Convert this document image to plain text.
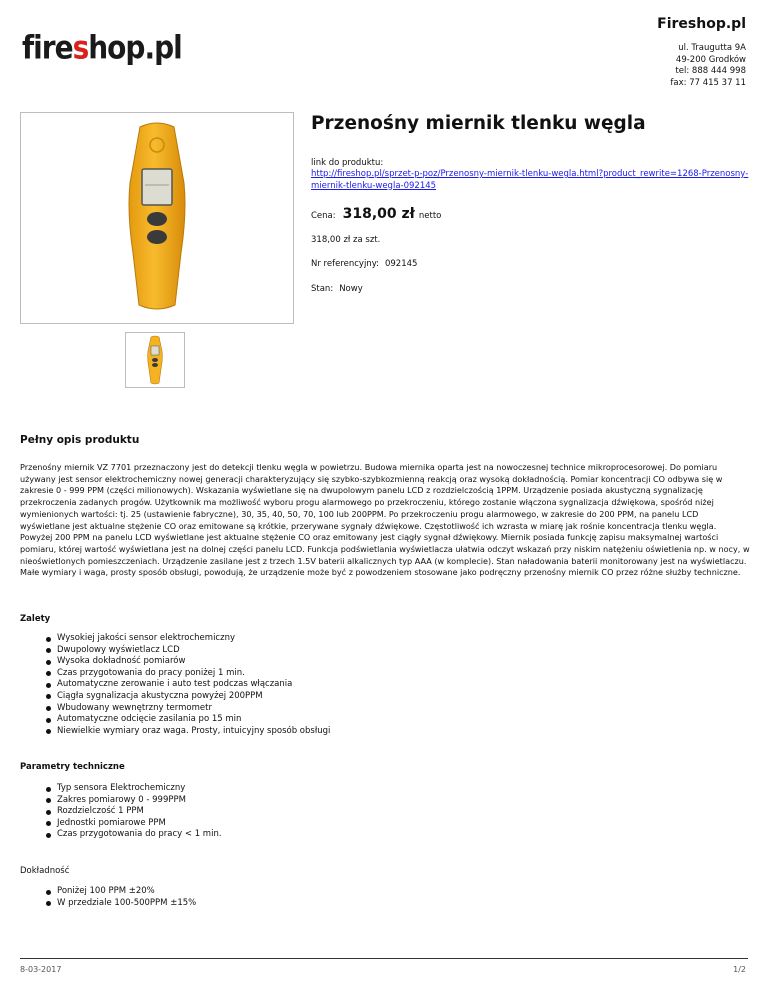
fireshop.pl
Fireshop.pl
ul. Traugutta 9A
49-200 Grodków
tel: 888 444 998
fax: 77 415 37 11
Przenośny miernik tlenku węgla
link do produktu:
http://fireshop.pl/sprzet-p-poz/Przenosny-miernik-tlenku-wegla.html?product_rewrite=1268-Przenosny-miernik-tlenku-wegla-092145
Cena: 318,00 zł netto
318,00 zł za szt.
Nr referencyjny: 092145
Stan: Nowy
Pełny opis produktu

Przenośny miernik VZ 7701 przeznaczony jest do detekcji tlenku węgla w powietrzu. Budowa miernika oparta jest na nowoczesnej technice mikroprocesorowej. Do pomiaru używany jest sensor elektrochemiczny nowej generacji charakteryzujący się szybko-szybkozmienną reakcją oraz wysoką dokładnością. Pomiar koncentracji CO odbywa się w zakresie 0 - 999 PPM (części milionowych). Wskazania wyświetlane się na dwupolowym panelu LCD z rozdzielczością 1PPM. Urządzenie posiada akustyczną sygnalizację przekroczenia zadanych progów. Użytkownik ma możliwość wyboru progu alarmowego po przekroczeniu, którego zostanie włączona sygnalizacja dźwiękowa, spośród niżej wymienionych wartości: tj. 25 (ustawienie fabryczne), 30, 35, 40, 50, 70, 100 lub 200PPM. Po przekroczeniu progu alarmowego, w zakresie do 200 PPM, na panelu LCD wyświetlane jest aktualne stężenie CO oraz emitowane są krótkie, przerywane sygnały dźwiękowe. Częstotliwość ich wzrasta w miarę jak rośnie koncentracja tlenku węgla. Powyżej 200 PPM na panelu LCD wyświetlane jest aktualne stężenie CO oraz emitowany jest ciągły sygnał dźwiękowy. Miernik posiada funkcję zapisu maksymalnej wartości pomiaru, której wartość wyświetlana jest na dolnej części panelu LCD. Funkcja podświetlania wyświetlacza ułatwia odczyt wskazań przy niskim natężeniu oświetlenia np. w nocy, w nieoświetlonych pomieszczeniach. Urządzenie zasilane jest z trzech 1.5V baterii alkalicznych typ AAA (w komplecie). Stan naładowania baterii monitorowany jest na wyświetlaczu. Małe wymiary i waga, prosty sposób obsługi, powodują, że urządzenie może być z powodzeniem stosowane jako podręczny przenośny miernik CO przez różne służby techniczne.

Zalety
Wysokiej jakości sensor elektrochemiczny
Dwupolowy wyświetlacz LCD
Wysoka dokładność pomiarów
Czas przygotowania do pracy poniżej 1 min.
Automatyczne zerowanie i auto test podczas włączania
Ciągła sygnalizacja akustyczna powyżej 200PPM
Wbudowany wewnętrzny termometr
Automatyczne odcięcie zasilania po 15 min
Niewielkie wymiary oraz waga. Prosty, intuicyjny sposób obsługi
Parametry techniczne
Typ sensora Elektrochemiczny
Zakres pomiarowy 0 - 999PPM
Rozdzielczość 1 PPM
Jednostki pomiarowe PPM
Czas przygotowania do pracy < 1 min.
Dokładność
Poniżej 100 PPM ±20%
W przedziale 100-500PPM ±15%
8-03-2017	1/2
